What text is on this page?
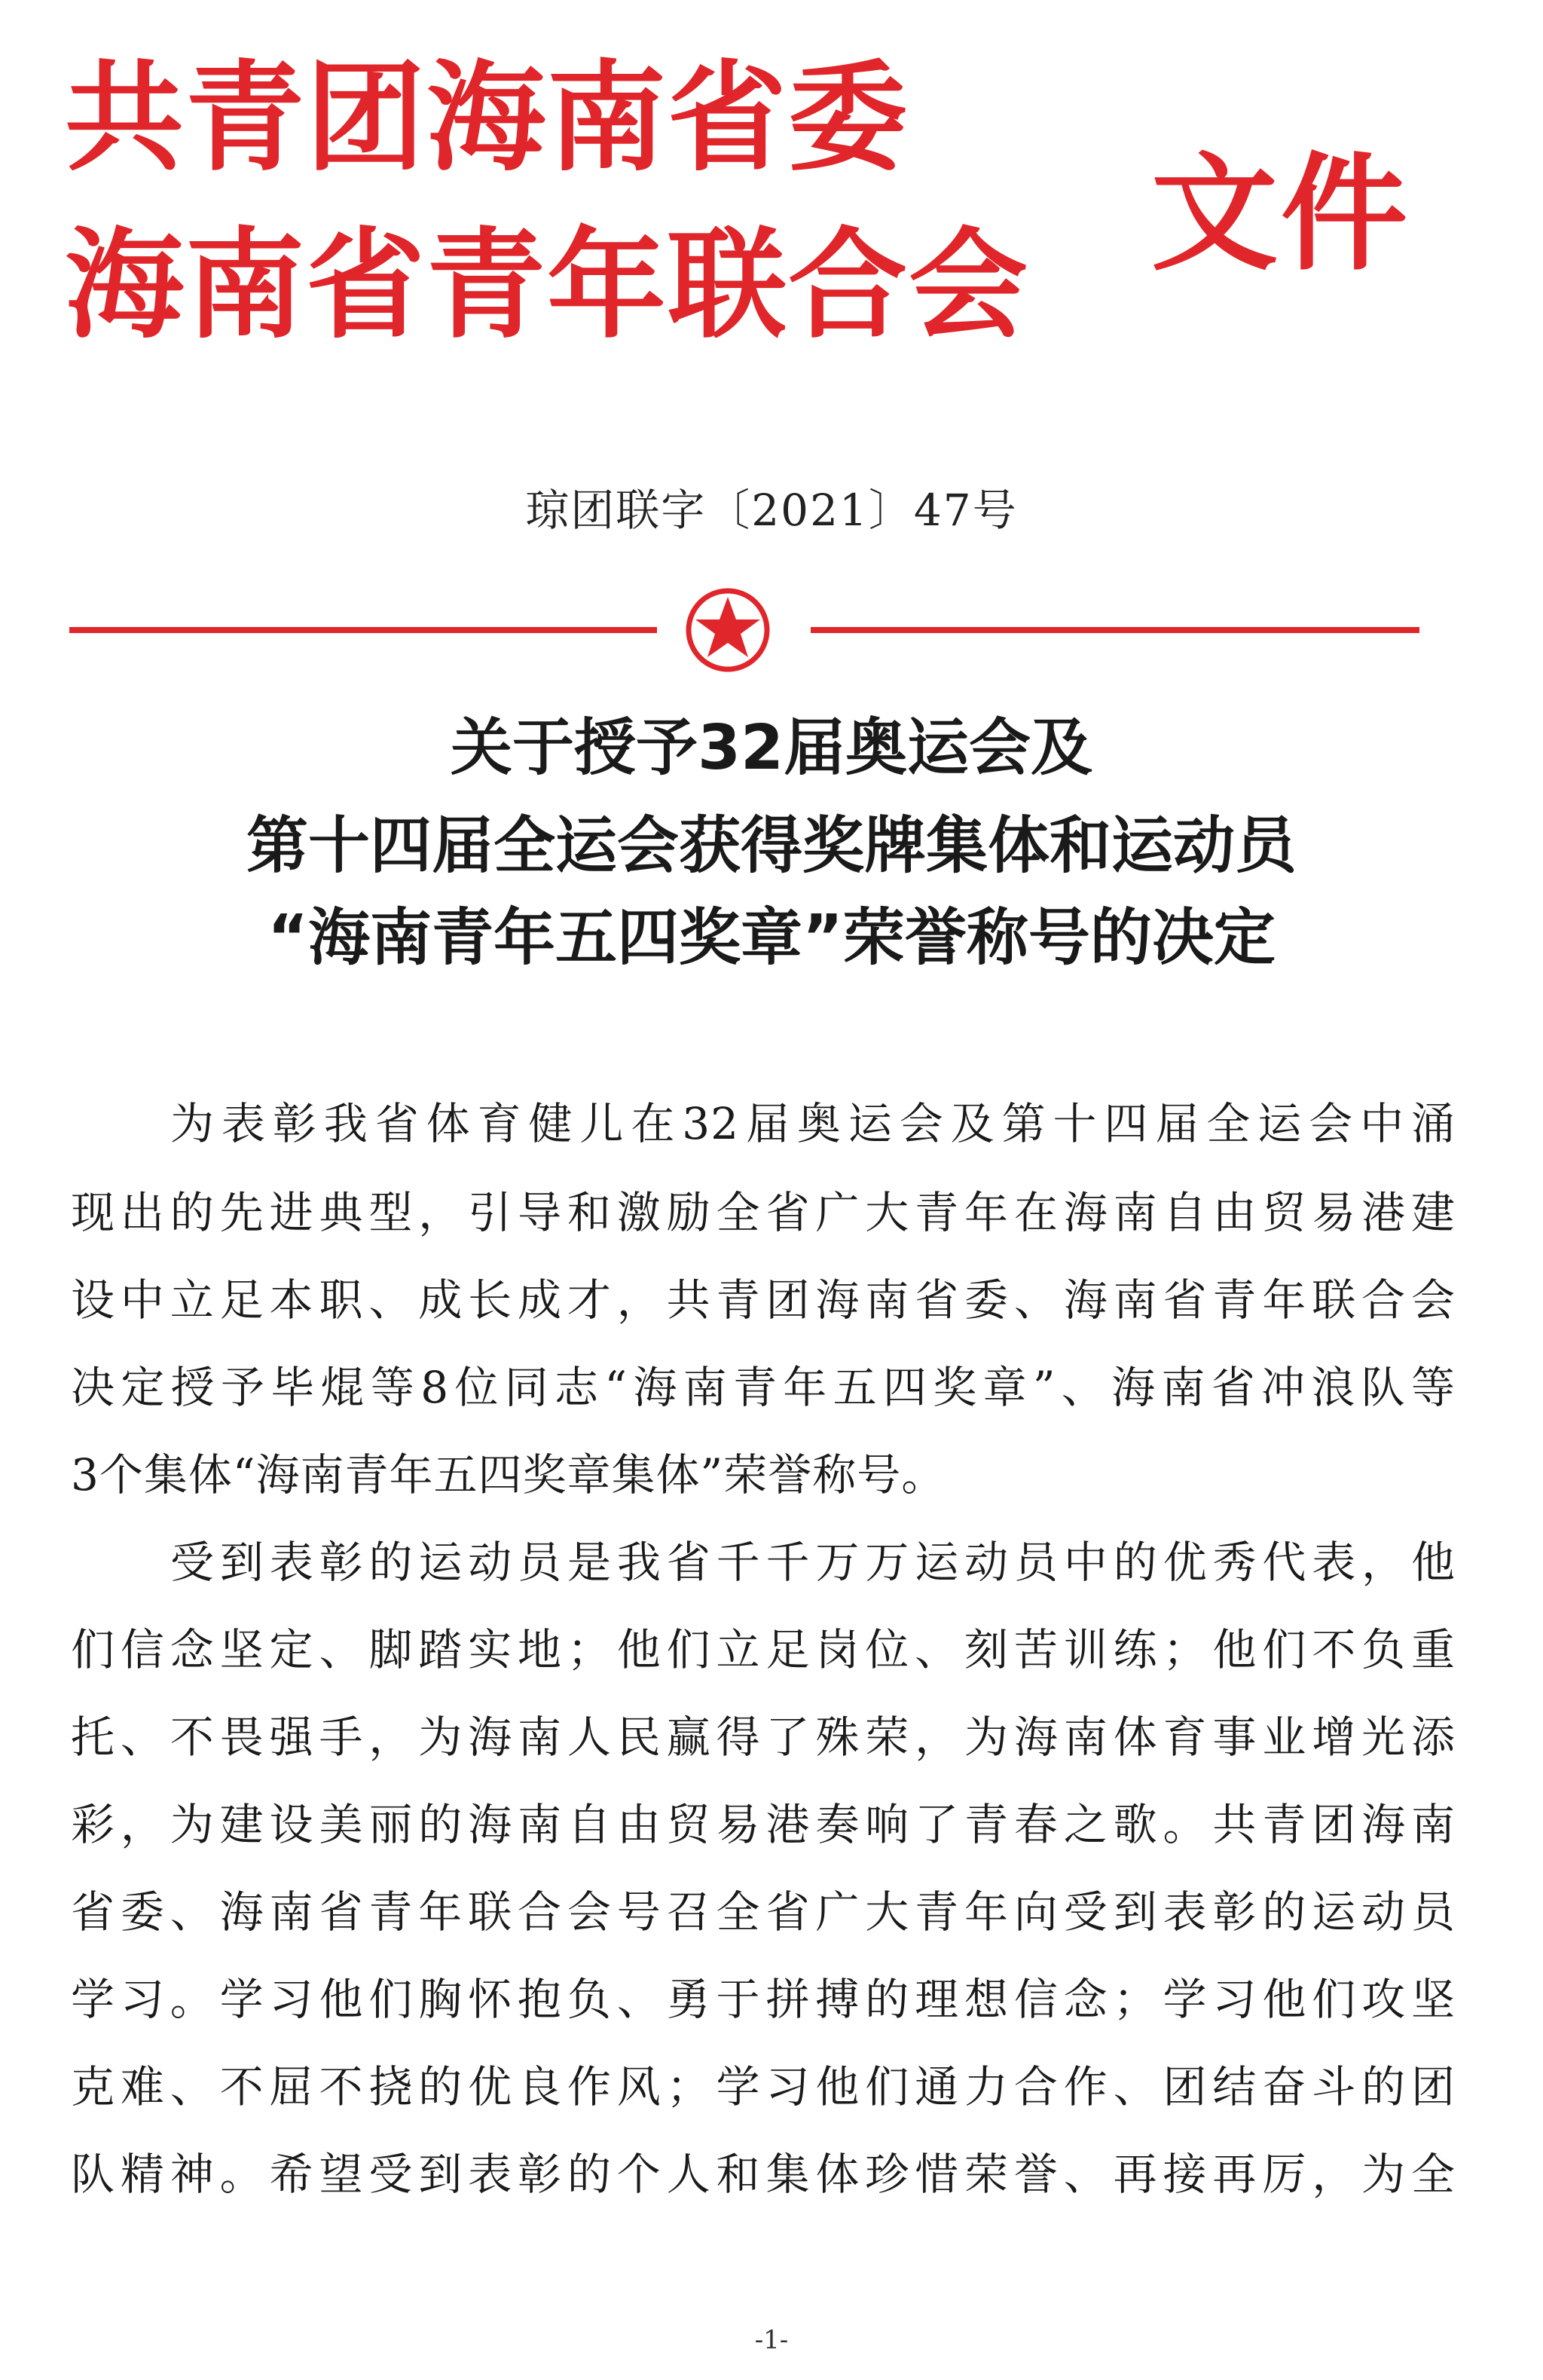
共青团海南省委
海南省青年联合会 文件
琼团联字〔2021〕47号
关于授予32届奥运会及
第十四届全运会获得奖牌集体和运动员
“海南青年五四奖章”荣誉称号的决定
为表彰我省体育健儿在32届奥运会及第十四届全运会中涌
现出的先进典型，引导和激励全省广大青年在海南自由贸易港建
设中立足本职、成长成才，共青团海南省委、海南省青年联合会
决定授予毕焜等8位同志“海南青年五四奖章”、海南省冲浪队等
3个集体“海南青年五四奖章集体”荣誉称号。
受到表彰的运动员是我省千千万万运动员中的优秀代表，他
们信念坚定、脚踏实地；他们立足岗位、刻苦训练；他们不负重
托、不畏强手，为海南人民赢得了殊荣，为海南体育事业增光添
彩，为建设美丽的海南自由贸易港奏响了青春之歌。共青团海南
省委、海南省青年联合会号召全省广大青年向受到表彰的运动员
学习。学习他们胸怀抱负、勇于拼搏的理想信念；学习他们攻坚
克难、不屈不挠的优良作风；学习他们通力合作、团结奋斗的团
队精神。希望受到表彰的个人和集体珍惜荣誉、再接再厉，为全
-1-
